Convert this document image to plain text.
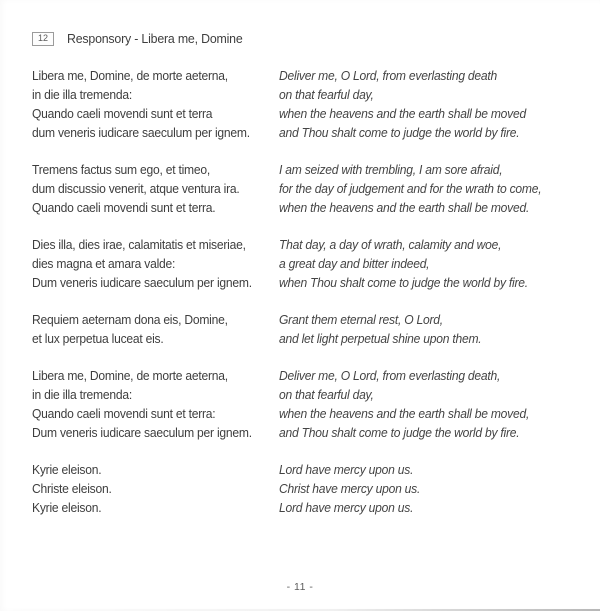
12	Responsory - Libera me, Domine
Libera me, Domine, de morte aeterna,
in die illa tremenda:
Quando caeli movendi sunt et terra
dum veneris iudicare saeculum per ignem.
Deliver me, O Lord, from everlasting death
on that fearful day,
when the heavens and the earth shall be moved
and Thou shalt come to judge the world by fire.
Tremens factus sum ego, et timeo,
dum discussio venerit, atque ventura ira.
Quando caeli movendi sunt et terra.
I am seized with trembling, I am sore afraid,
for the day of judgement and for the wrath to come,
when the heavens and the earth shall be moved.
Dies illa, dies irae, calamitatis et miseriae,
dies magna et amara valde:
Dum veneris iudicare saeculum per ignem.
That day, a day of wrath, calamity and woe,
a great day and bitter indeed,
when Thou shalt come to judge the world by fire.
Requiem aeternam dona eis, Domine,
et lux perpetua luceat eis.
Grant them eternal rest, O Lord,
and let light perpetual shine upon them.
Libera me, Domine, de morte aeterna,
in die illa tremenda:
Quando caeli movendi sunt et terra:
Dum veneris iudicare saeculum per ignem.
Deliver me, O Lord, from everlasting death,
on that fearful day,
when the heavens and the earth shall be moved,
and Thou shalt come to judge the world by fire.
Kyrie eleison.
Christe eleison.
Kyrie eleison.
Lord have mercy upon us.
Christ have mercy upon us.
Lord have mercy upon us.
- 11 -
